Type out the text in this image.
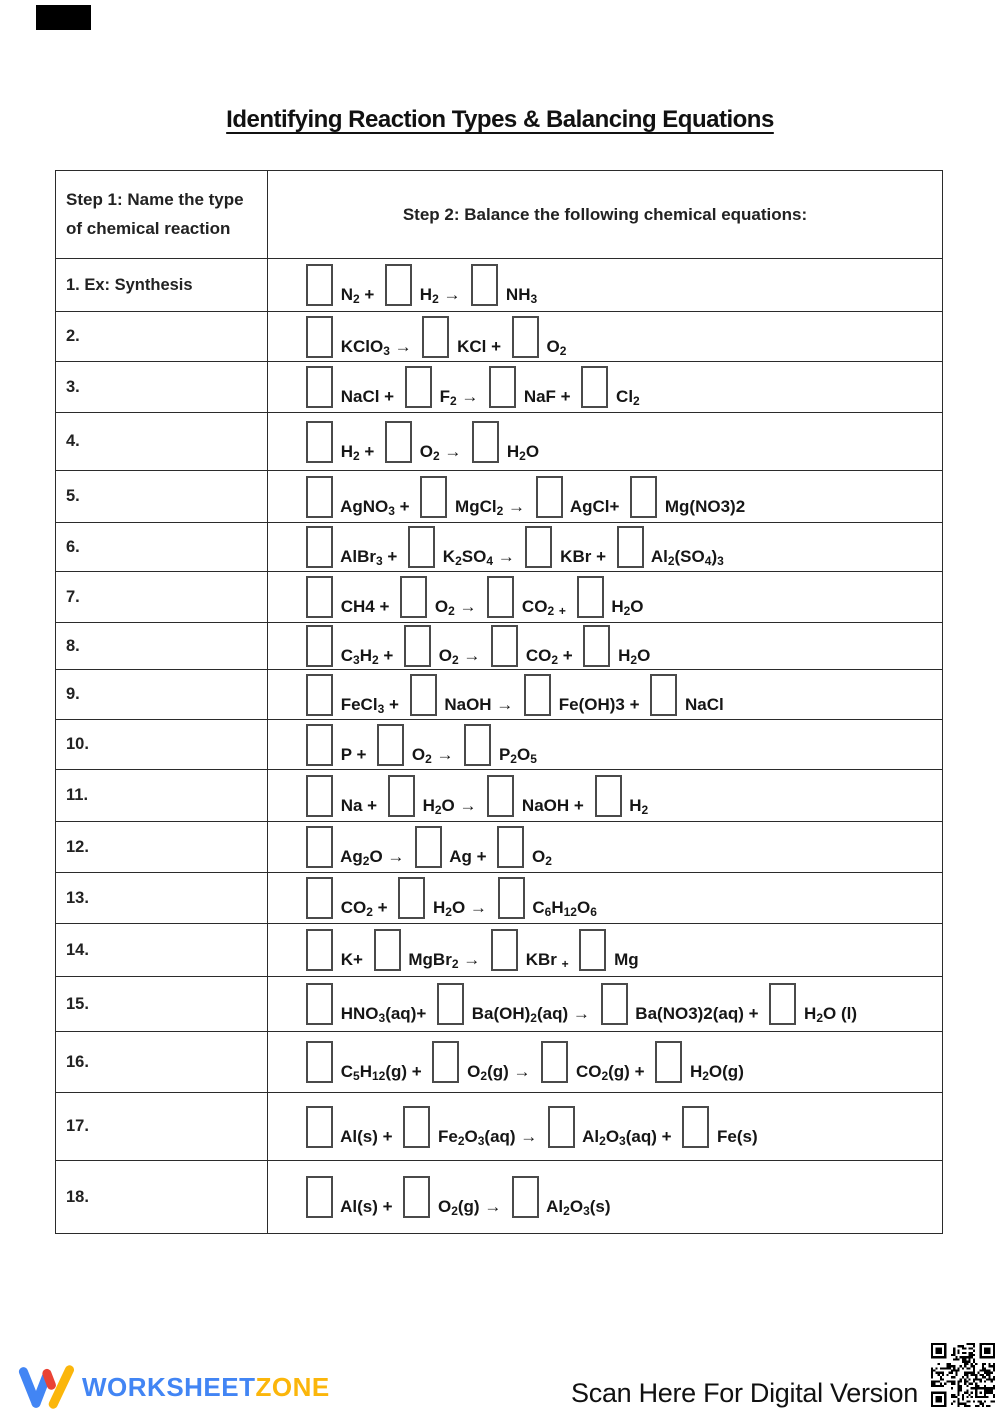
Identifying Reaction Types & Balancing Equations
Step 1: Name the type of chemical reaction	Step 2: Balance the following chemical equations:
1. Ex: Synthesis	$N_2 + H_2 \to NH_3$
2.	KClO$_3$ →  KCl +  $O_2$
3.	NaCl +  $F_2$ →  NaF +  $Cl_2$
4.	$H_2 + O_2 \to H_2O$
5.	AgNO$_3$ +  MgCl$_2$ →  AgCl+  Mg(NO3)2
6.	AlBr$_3$ +  $K_2SO_4$ →  KBr +  $Al_2(SO_4)_3$
7.	$CH4 + O_2 \to CO_2$ $_+$  $H_2O$
8.	$C_3H_2 + O_2 \to CO_2 + H_2O$
9.	FeCl$_3$ +  NaOH →  Fe(OH)3 +  NaCl
10.	$P + O_2 \to P_2O_5$
11.	$Na + H_2O$ →  NaOH +  $H_2$
12.	$Ag_2O \to Ag + O_2$
13.	$CO_2 + H_2O \to C_6H_{12}O_6$
14.	K+  MgBr$_2$ →  KBr $_+$  Mg
15.	$HNO_3(aq)+ Ba(OH)_2(aq) \to Ba(NO3)2(aq) + H_2O$ (l)
16.	$C_5H_{12}(g) + O_2(g) \to CO_2(g) + H_2O(g)$
17.	$Al(s) + Fe_2O_3(aq) \to Al_2O_3(aq) + Fe(s)$
18.	$Al(s) + O_2(g) \to Al_2O_3(s)$
WORKSHEETZONE	Scan Here For Digital Version
